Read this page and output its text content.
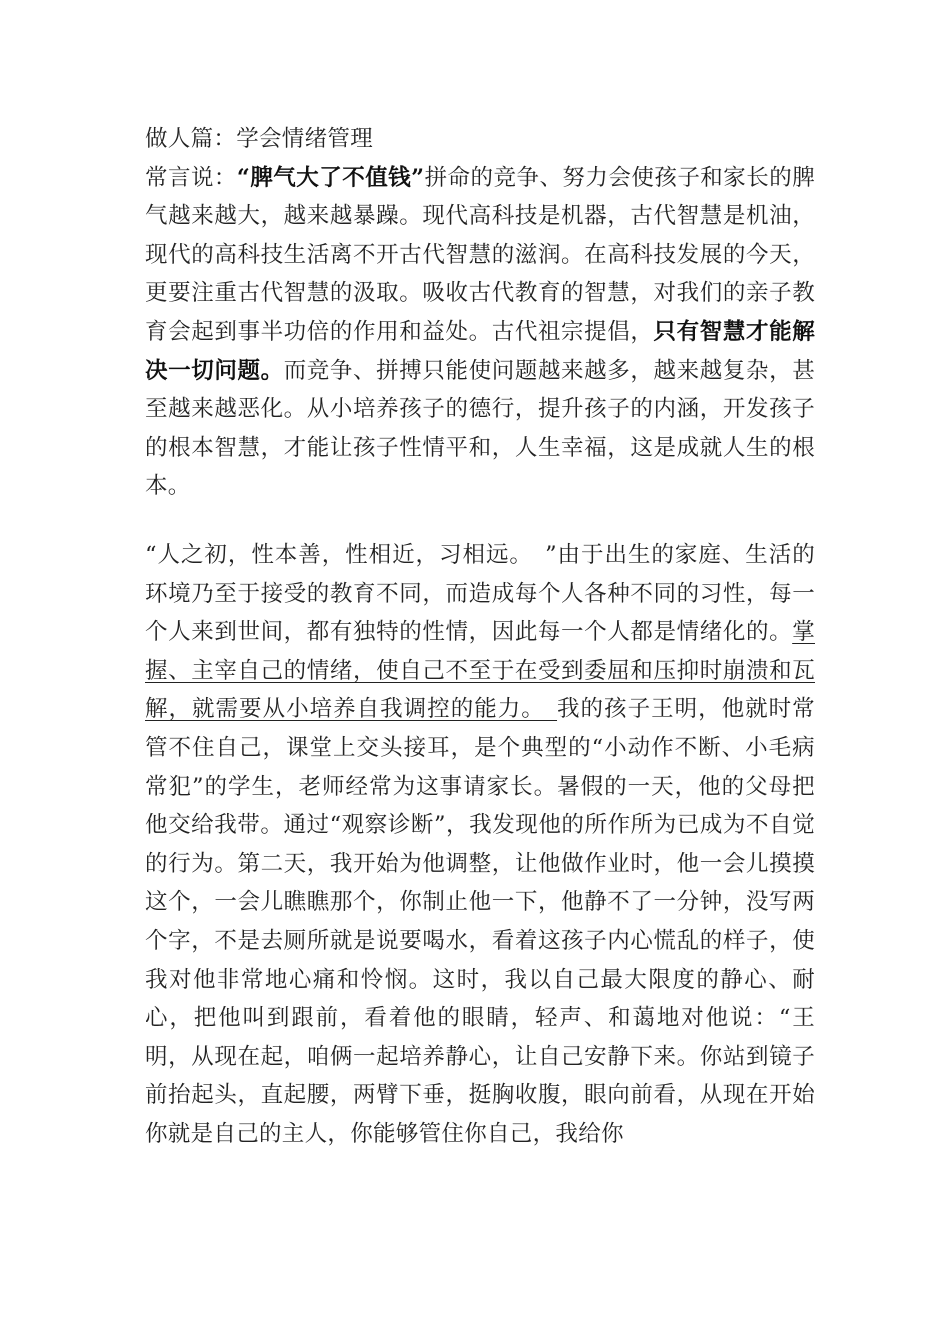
做人篇：学会情绪管理
常言说：“脾气大了不值钱”拼命的竞争、努力会使孩子和家长的脾气越来越大，越来越暴躁。现代高科技是机器，古代智慧是机油，现代的高科技生活离不开古代智慧的滋润。在高科技发展的今天，更要注重古代智慧的汲取。吸收古代教育的智慧，对我们的亲子教育会起到事半功倍的作用和益处。古代祖宗提倡，只有智慧才能解决一切问题。而竞争、拼搏只能使问题越来越多，越来越复杂，甚至越来越恶化。从小培养孩子的德行，提升孩子的内涵，开发孩子的根本智慧，才能让孩子性情平和，人生幸福，这是成就人生的根本。
“人之初，性本善，性相近，习相远。　”由于出生的家庭、生活的环境乃至于接受的教育不同，而造成每个人各种不同的习性，每一个人来到世间，都有独特的性情，因此每一个人都是情绪化的。掌握、主宰自己的情绪，使自己不至于在受到委屈和压抑时崩溃和瓦解，就需要从小培养自我调控的能力。　我的孩子王明，他就时常管不住自己，课堂上交头接耳，是个典型的“小动作不断、小毛病常犯”的学生，老师经常为这事请家长。暑假的一天，他的父母把他交给我带。通过“观察诊断”，我发现他的所作所为已成为不自觉的行为。第二天，我开始为他调整，让他做作业时，他一会儿摸摸这个，一会儿瞧瞧那个，你制止他一下，他静不了一分钟，没写两个字，不是去厕所就是说要喝水，看着这孩子内心慌乱的样子，使我对他非常地心痛和怜悯。这时，我以自己最大限度的静心、耐心，把他叫到跟前，看着他的眼睛，轻声、和蔼地对他说：“王明，从现在起，咱俩一起培养静心，让自己安静下来。你站到镜子前抬起头，直起腰，两臂下垂，挺胸收腹，眼向前看，从现在开始你就是自己的主人，你能够管住你自己，我给你
